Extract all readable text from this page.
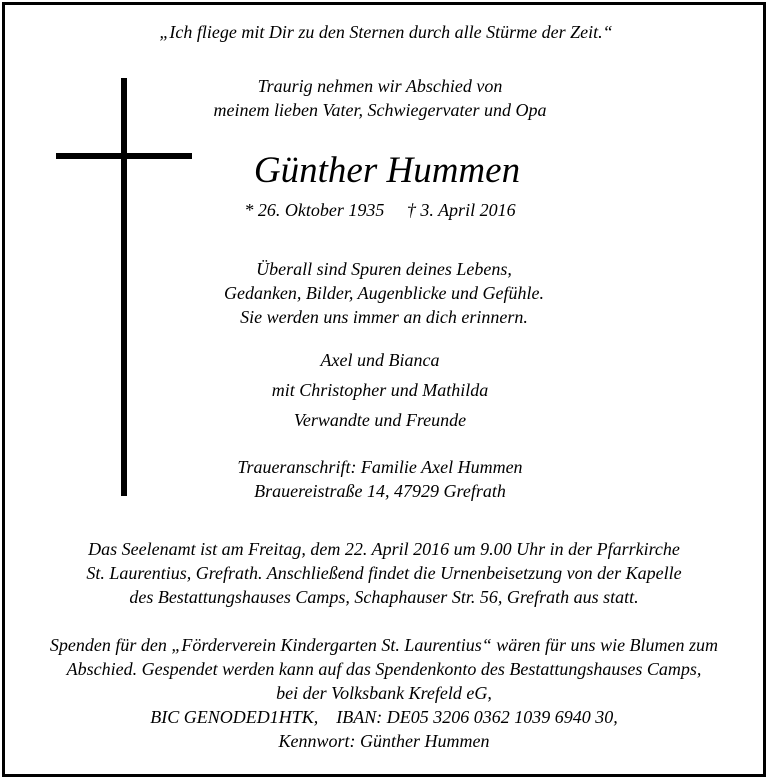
„Ich fliege mit Dir zu den Sternen durch alle Stürme der Zeit.“
Traurig nehmen wir Abschied von
meinem lieben Vater, Schwiegervater und Opa
Günther Hummen
* 26. Oktober 1935     † 3. April 2016
Überall sind Spuren deines Lebens,
Gedanken, Bilder, Augenblicke und Gefühle.
Sie werden uns immer an dich erinnern.
Axel und Bianca
mit Christopher und Mathilda
Verwandte und Freunde
Traueranschrift: Familie Axel Hummen
Brauereistraße 14, 47929 Grefrath
Das Seelenamt ist am Freitag, dem 22. April 2016 um 9.00 Uhr in der Pfarrkirche
St. Laurentius, Grefrath. Anschließend findet die Urnenbeisetzung von der Kapelle
des Bestattungshauses Camps, Schaphauser Str. 56, Grefrath aus statt.
Spenden für den „Förderverein Kindergarten St. Laurentius“ wären für uns wie Blumen zum
Abschied. Gespendet werden kann auf das Spendenkonto des Bestattungshauses Camps,
bei der Volksbank Krefeld eG,
BIC GENODED1HTK,    IBAN: DE05 3206 0362 1039 6940 30,
Kennwort: Günther Hummen
